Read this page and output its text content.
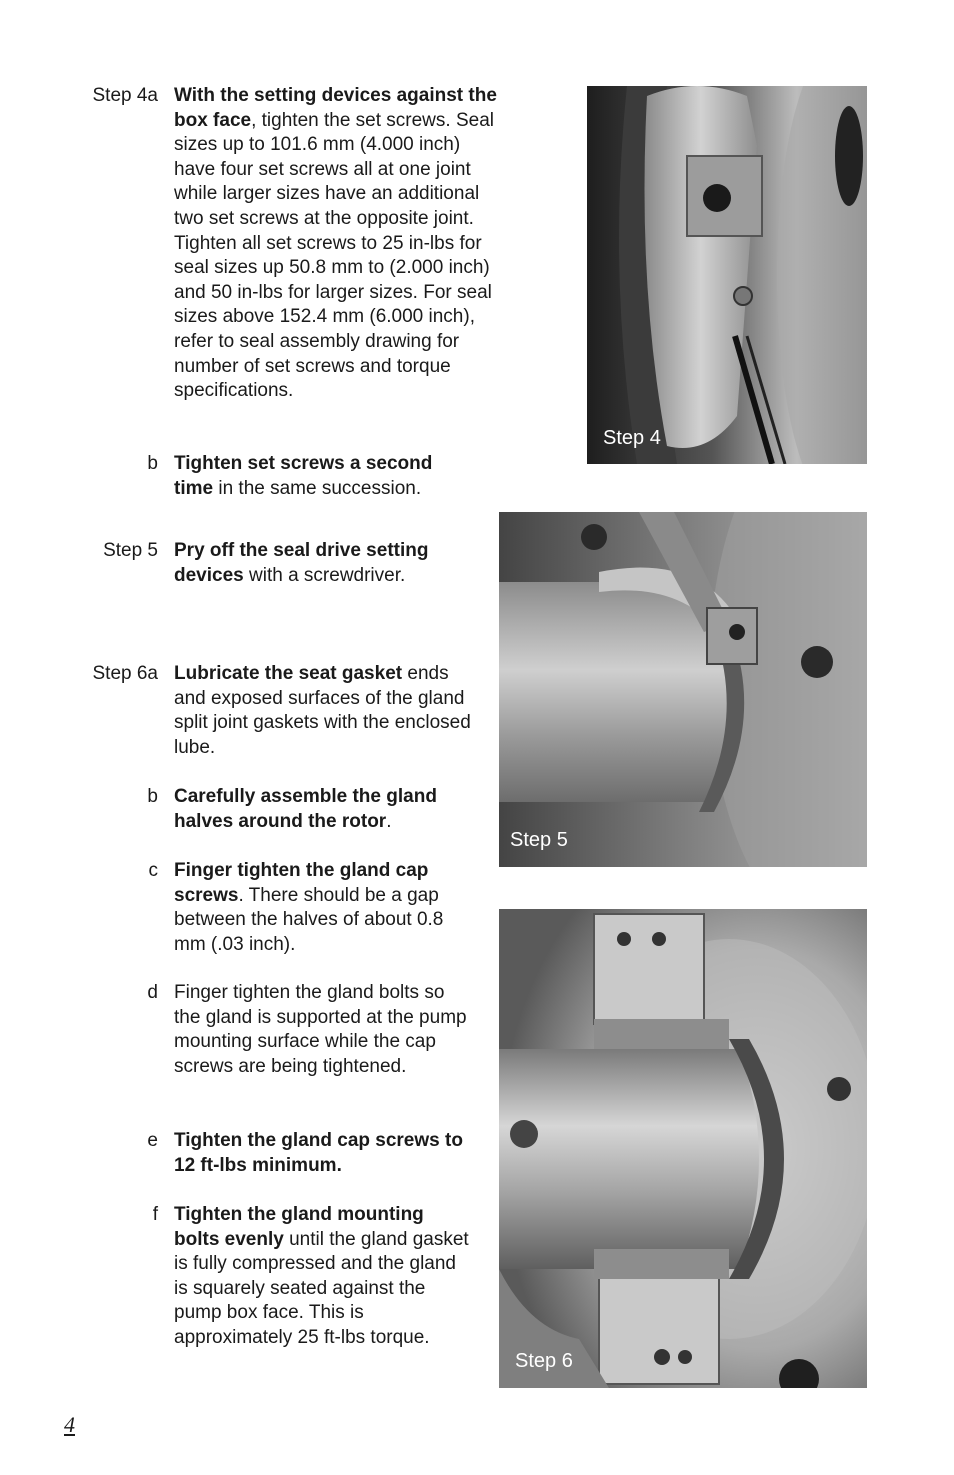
Step 4a With the setting devices against the box face, tighten the set screws. Seal sizes up to 101.6 mm (4.000 inch) have four set screws all at one joint while larger sizes have an additional two set screws at the opposite joint. Tighten all set screws to 25 in-lbs for seal sizes up 50.8 mm to (2.000 inch) and 50 in-lbs for larger sizes. For seal sizes above 152.4 mm (6.000 inch), refer to seal assembly drawing for number of set screws and torque specifications.
b Tighten set screws a second time in the same succession.
Step 5 Pry off the seal drive setting devices with a screwdriver.
Step 6a Lubricate the seat gasket ends and exposed surfaces of the gland split joint gaskets with the enclosed lube.
b Carefully assemble the gland halves around the rotor.
c Finger tighten the gland cap screws. There should be a gap between the halves of about 0.8 mm (.03 inch).
d Finger tighten the gland bolts so the gland is supported at the pump mounting surface while the cap screws are being tightened.
e Tighten the gland cap screws to 12 ft-lbs minimum.
f Tighten the gland mounting bolts evenly until the gland gasket is fully compressed and the gland is squarely seated against the pump box face. This is approximately 25 ft-lbs torque.
Step 4
Step 5
Step 6
4
